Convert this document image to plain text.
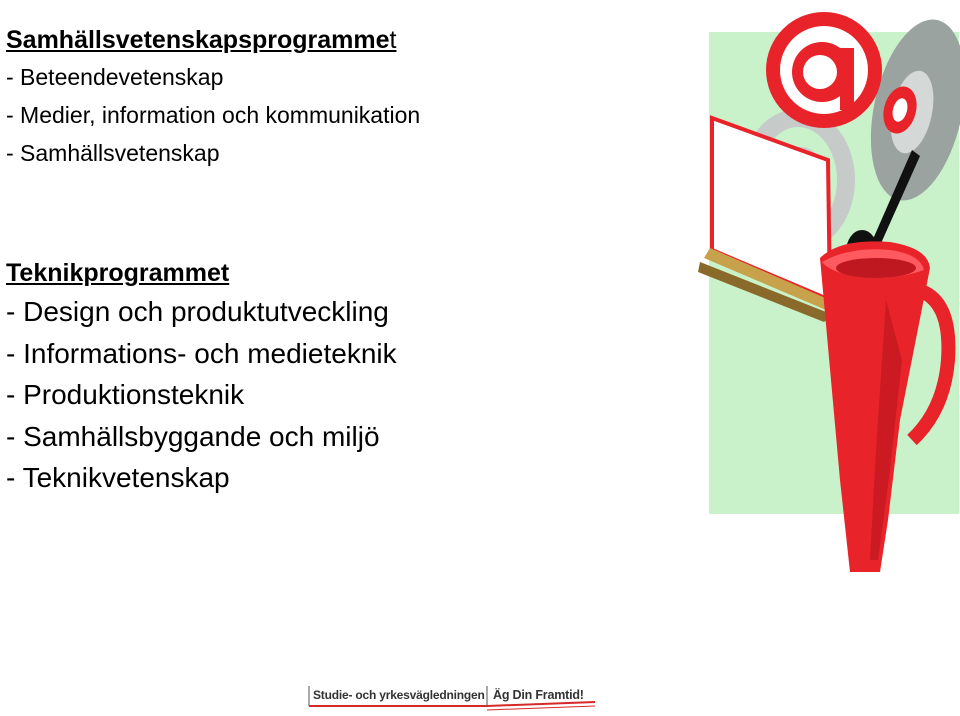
Samhällsvetenskapsprogrammet
- Beteendevetenskap
- Medier, information och kommunikation
- Samhällsvetenskap
Teknikprogrammet
- Design och produktutveckling
- Informations- och medieteknik
- Produktionsteknik
- Samhällsbyggande och miljö
- Teknikvetenskap
Studie- och yrkesvägledningen Äg Din Framtid!
